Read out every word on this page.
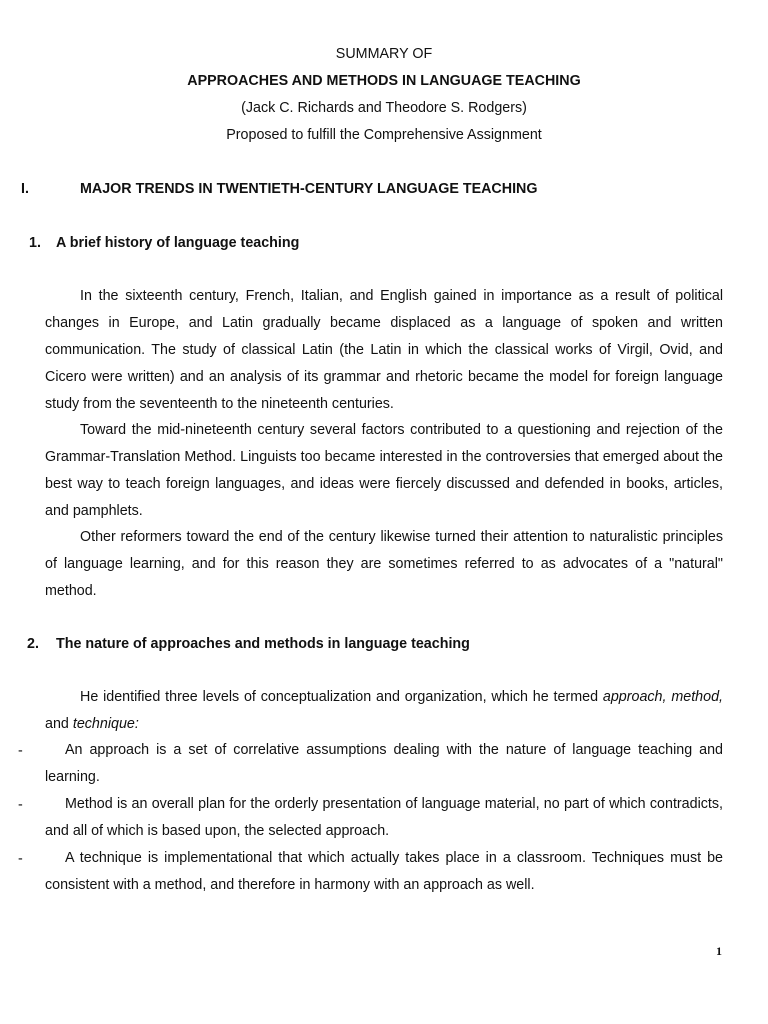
SUMMARY OF
APPROACHES AND METHODS IN LANGUAGE TEACHING
(Jack C. Richards and Theodore S. Rodgers)
Proposed to fulfill the Comprehensive Assignment
I.	MAJOR TRENDS IN TWENTIETH-CENTURY LANGUAGE TEACHING
1. A brief history of language teaching

In the sixteenth century, French, Italian, and English gained in importance as a result of political changes in Europe, and Latin gradually became displaced as a language of spoken and written communication. The study of classical Latin (the Latin in which the classical works of Virgil, Ovid, and Cicero were written) and an analysis of its grammar and rhetoric became the model for foreign language study from the seventeenth to the nineteenth centuries.

Toward the mid-nineteenth century several factors contributed to a questioning and rejection of the Grammar-Translation Method. Linguists too became interested in the controversies that emerged about the best way to teach foreign languages, and ideas were fiercely discussed and defended in books, articles, and pamphlets.

Other reformers toward the end of the century likewise turned their attention to naturalistic principles of language learning, and for this reason they are sometimes referred to as advocates of a "natural" method.

2. The nature of approaches and methods in language teaching

He identified three levels of conceptualization and organization, which he termed approach, method, and technique:

-	An approach is a set of correlative assumptions dealing with the nature of language teaching and learning.

-	Method is an overall plan for the orderly presentation of language material, no part of which contradicts, and all of which is based upon, the selected approach.

-	A technique is implementational that which actually takes place in a classroom. Techniques must be consistent with a method, and therefore in harmony with an approach as well.

1
